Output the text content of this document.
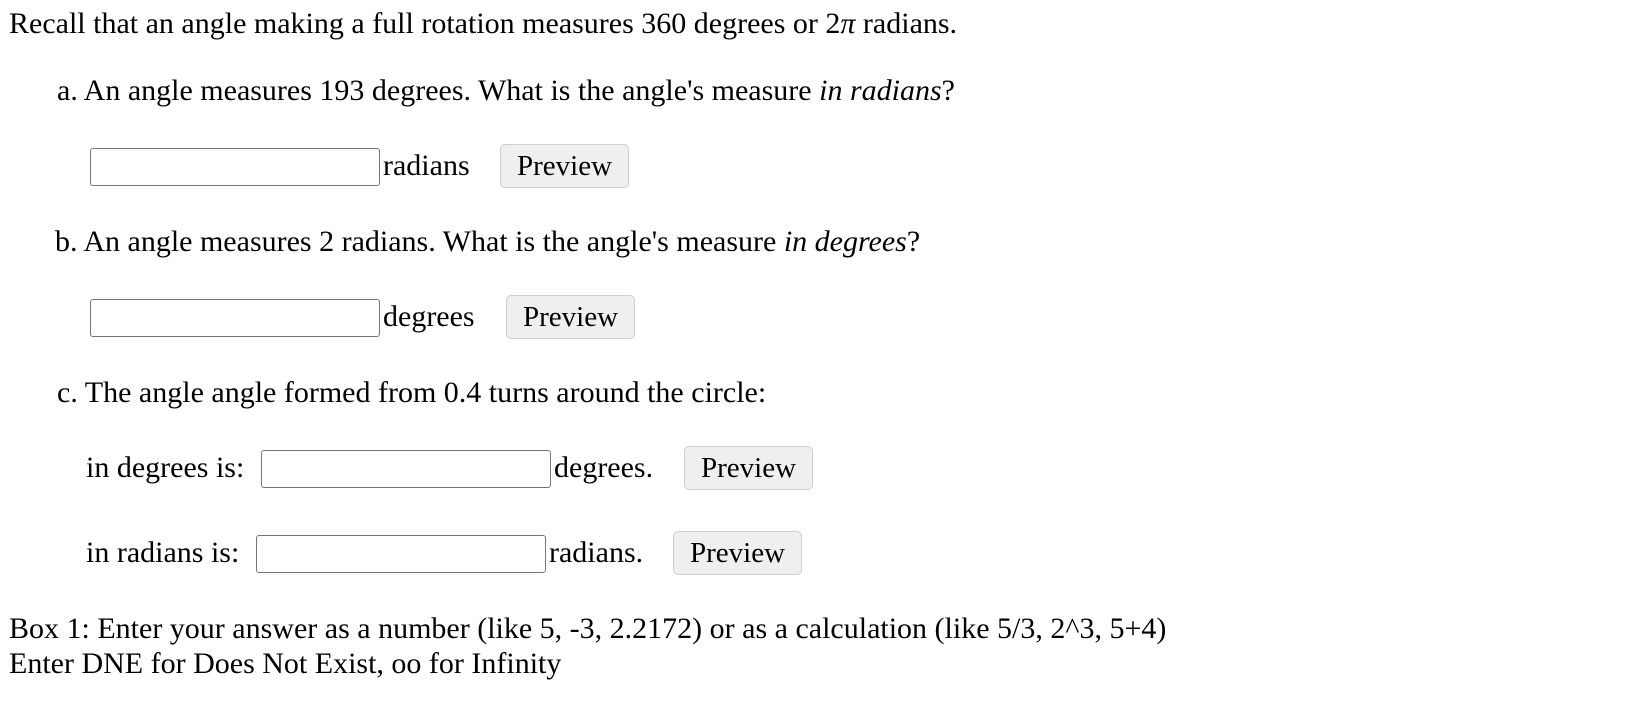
Recall that an angle making a full rotation measures 360 degrees or 2π radians.
a. An angle measures 193 degrees. What is the angle's measure in radians?
radians	Preview
b. An angle measures 2 radians. What is the angle's measure in degrees?
degrees	Preview
c. The angle angle formed from 0.4 turns around the circle:
in degrees is:	degrees.	Preview
in radians is:	radians.	Preview
Box 1: Enter your answer as a number (like 5, -3, 2.2172) or as a calculation (like 5/3, 2^3, 5+4)
Enter DNE for Does Not Exist, oo for Infinity
